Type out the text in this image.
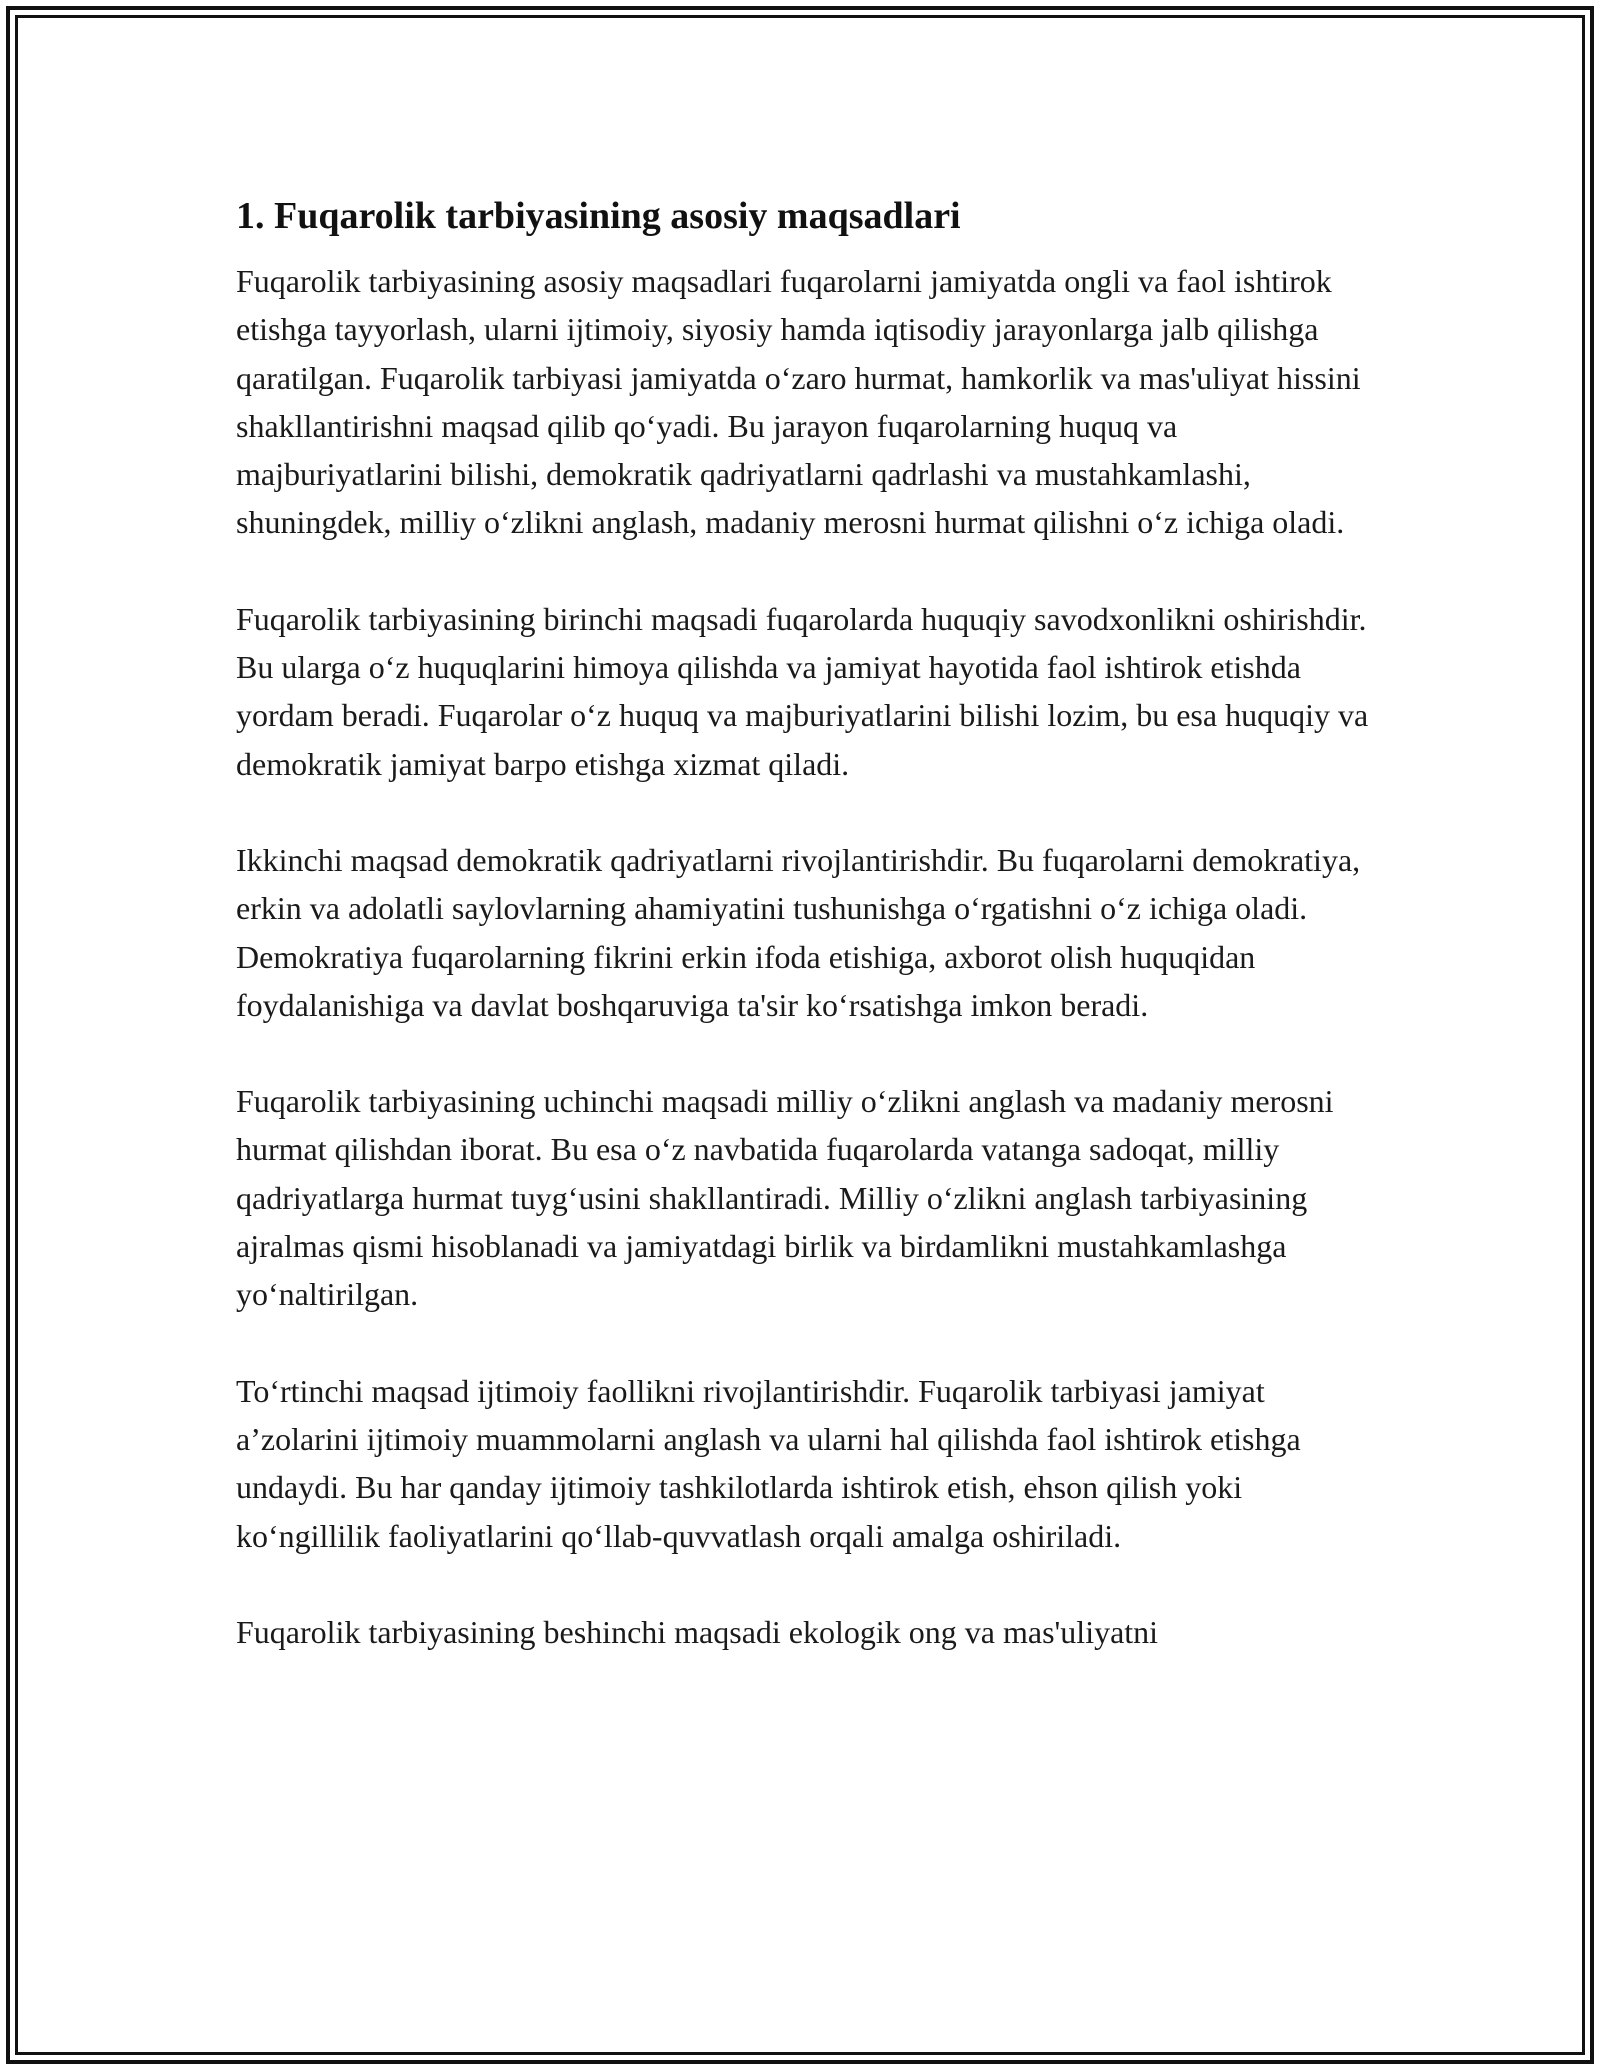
1. Fuqarolik tarbiyasining asosiy maqsadlari

Fuqarolik tarbiyasining asosiy maqsadlari fuqarolarni jamiyatda ongli va faol ishtirok etishga tayyorlash, ularni ijtimoiy, siyosiy hamda iqtisodiy jarayonlarga jalb qilishga qaratilgan. Fuqarolik tarbiyasi jamiyatda o‘zaro hurmat, hamkorlik va mas'uliyat hissini shakllantirishni maqsad qilib qo‘yadi. Bu jarayon fuqarolarning huquq va majburiyatlarini bilishi, demokratik qadriyatlarni qadrlashi va mustahkamlashi, shuningdek, milliy o‘zlikni anglash, madaniy merosni hurmat qilishni o‘z ichiga oladi.

Fuqarolik tarbiyasining birinchi maqsadi fuqarolarda huquqiy savodxonlikni oshirishdir. Bu ularga o‘z huquqlarini himoya qilishda va jamiyat hayotida faol ishtirok etishda yordam beradi. Fuqarolar o‘z huquq va majburiyatlarini bilishi lozim, bu esa huquqiy va demokratik jamiyat barpo etishga xizmat qiladi.

Ikkinchi maqsad demokratik qadriyatlarni rivojlantirishdir. Bu fuqarolarni demokratiya, erkin va adolatli saylovlarning ahamiyatini tushunishga o‘rgatishni o‘z ichiga oladi. Demokratiya fuqarolarning fikrini erkin ifoda etishiga, axborot olish huquqidan foydalanishiga va davlat boshqaruviga ta'sir ko‘rsatishga imkon beradi.

Fuqarolik tarbiyasining uchinchi maqsadi milliy o‘zlikni anglash va madaniy merosni hurmat qilishdan iborat. Bu esa o‘z navbatida fuqarolarda vatanga sadoqat, milliy qadriyatlarga hurmat tuyg‘usini shakllantiradi. Milliy o‘zlikni anglash tarbiyasining ajralmas qismi hisoblanadi va jamiyatdagi birlik va birdamlikni mustahkamlashga yo‘naltirilgan.

To‘rtinchi maqsad ijtimoiy faollikni rivojlantirishdir. Fuqarolik tarbiyasi jamiyat a’zolarini ijtimoiy muammolarni anglash va ularni hal qilishda faol ishtirok etishga undaydi. Bu har qanday ijtimoiy tashkilotlarda ishtirok etish, ehson qilish yoki ko‘ngillilik faoliyatlarini qo‘llab-quvvatlash orqali amalga oshiriladi.

Fuqarolik tarbiyasining beshinchi maqsadi ekologik ong va mas'uliyatni
